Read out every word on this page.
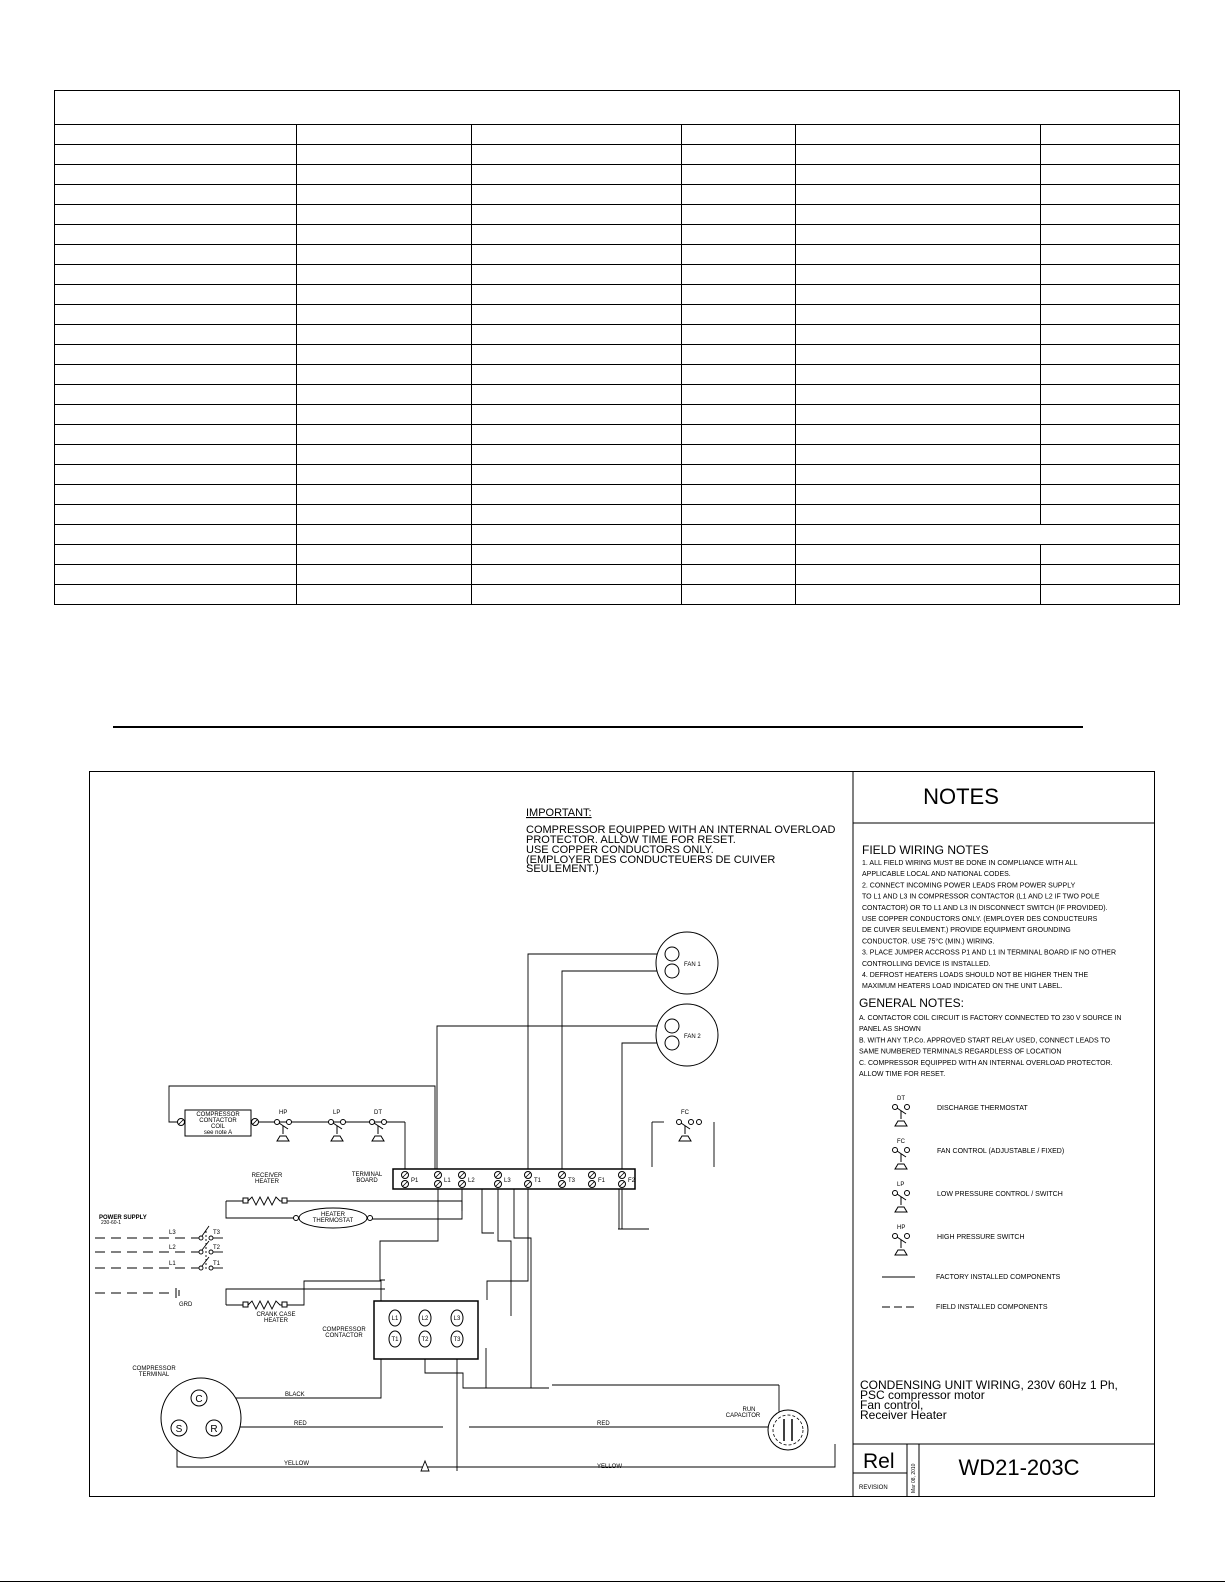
IMPORTANT:
COMPRESSOR EQUIPPED WITH AN INTERNAL OVERLOAD
PROTECTOR. ALLOW TIME FOR RESET.
USE COPPER CONDUCTORS ONLY.
(EMPLOYER DES CONDUCTEUERS DE CUIVER
SEULEMENT.)
FAN 1
FAN 2
COMPRESSOR
CONTACTOR
COIL
see note A
HP	LP	DT	FC
TERMINAL
BOARD	P1	L1	L2	L3	T1	T3	F1	F2
RECEIVER
HEATER
HEATER
THERMOSTAT
POWER SUPPLY
230-60-1
L3
L2
L1
T3
T2
T1
GRD
CRANK CASE
HEATER
COMPRESSOR
CONTACTOR
L1
T1
L2
T2
L3
T3
C
S	R
COMPRESSOR
TERMINAL
RUN
CAPACITOR
BLACK
RED	RED
YELLOW	YELLOW
NOTES
FIELD WIRING NOTES
1. ALL FIELD WIRING MUST BE DONE IN COMPLIANCE WITH ALL
APPLICABLE LOCAL AND NATIONAL CODES.
2. CONNECT INCOMING POWER LEADS FROM POWER SUPPLY
TO L1 AND L3 IN COMPRESSOR CONTACTOR (L1 AND L2 IF TWO POLE
CONTACTOR) OR TO L1 AND L3 IN DISCONNECT SWITCH (IF PROVIDED).
USE COPPER CONDUCTORS ONLY. (EMPLOYER DES CONDUCTEURS
DE CUIVER SEULEMENT.) PROVIDE EQUIPMENT GROUNDING
CONDUCTOR. USE 75°C (MIN.) WIRING.
3. PLACE JUMPER ACCROSS P1 AND L1 IN TERMINAL BOARD IF NO OTHER
CONTROLLING DEVICE IS INSTALLED.
4. DEFROST HEATERS LOADS SHOULD NOT BE HIGHER THEN THE
MAXIMUM HEATERS LOAD INDICATED ON THE UNIT LABEL.
GENERAL NOTES:
A. CONTACTOR COIL CIRCUIT IS FACTORY CONNECTED TO 230 V SOURCE IN
PANEL AS SHOWN
B. WITH ANY T.P.Co. APPROVED START RELAY USED, CONNECT LEADS TO
SAME NUMBERED TERMINALS REGARDLESS OF LOCATION
C. COMPRESSOR EQUIPPED WITH AN INTERNAL OVERLOAD PROTECTOR.
ALLOW TIME FOR RESET.
DT
DISCHARGE THERMOSTAT
FC
FAN CONTROL (ADJUSTABLE / FIXED)
LP
LOW PRESSURE CONTROL / SWITCH
HP
HIGH PRESSURE SWITCH
FACTORY INSTALLED COMPONENTS
FIELD INSTALLED COMPONENTS
CONDENSING UNIT WIRING, 230V 60Hz 1 Ph,
PSC compressor motor
Fan control,
Receiver Heater
Rel
REVISION	Mar 08, 2010 WD21-203C
